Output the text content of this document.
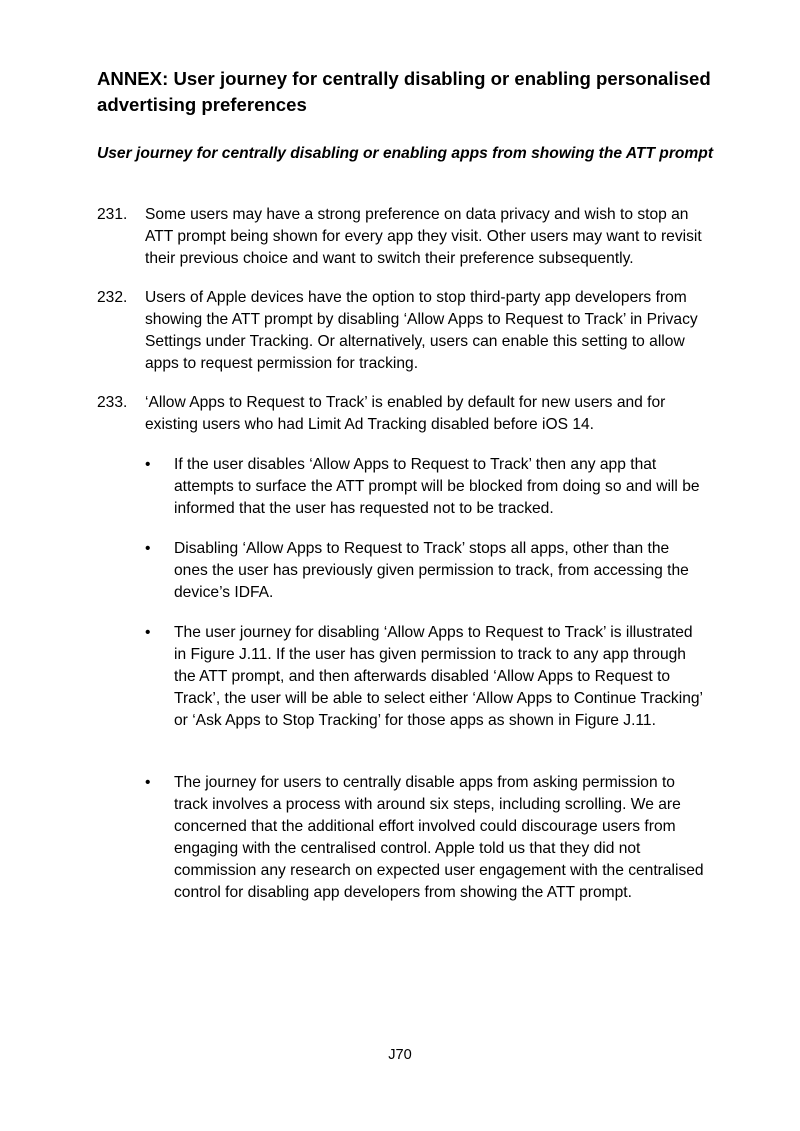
ANNEX: User journey for centrally disabling or enabling personalised advertising preferences
User journey for centrally disabling or enabling apps from showing the ATT prompt
231. Some users may have a strong preference on data privacy and wish to stop an ATT prompt being shown for every app they visit. Other users may want to revisit their previous choice and want to switch their preference subsequently.
232. Users of Apple devices have the option to stop third-party app developers from showing the ATT prompt by disabling ‘Allow Apps to Request to Track’ in Privacy Settings under Tracking. Or alternatively, users can enable this setting to allow apps to request permission for tracking.
233. ‘Allow Apps to Request to Track’ is enabled by default for new users and for existing users who had Limit Ad Tracking disabled before iOS 14.
• If the user disables ‘Allow Apps to Request to Track’ then any app that attempts to surface the ATT prompt will be blocked from doing so and will be informed that the user has requested not to be tracked.
• Disabling ‘Allow Apps to Request to Track’ stops all apps, other than the ones the user has previously given permission to track, from accessing the device’s IDFA.
• The user journey for disabling ‘Allow Apps to Request to Track’ is illustrated in Figure J.11. If the user has given permission to track to any app through the ATT prompt, and then afterwards disabled ‘Allow Apps to Request to Track’, the user will be able to select either ‘Allow Apps to Continue Tracking’ or ‘Ask Apps to Stop Tracking’ for those apps as shown in Figure J.11.
• The journey for users to centrally disable apps from asking permission to track involves a process with around six steps, including scrolling. We are concerned that the additional effort involved could discourage users from engaging with the centralised control. Apple told us that they did not commission any research on expected user engagement with the centralised control for disabling app developers from showing the ATT prompt.
J70
